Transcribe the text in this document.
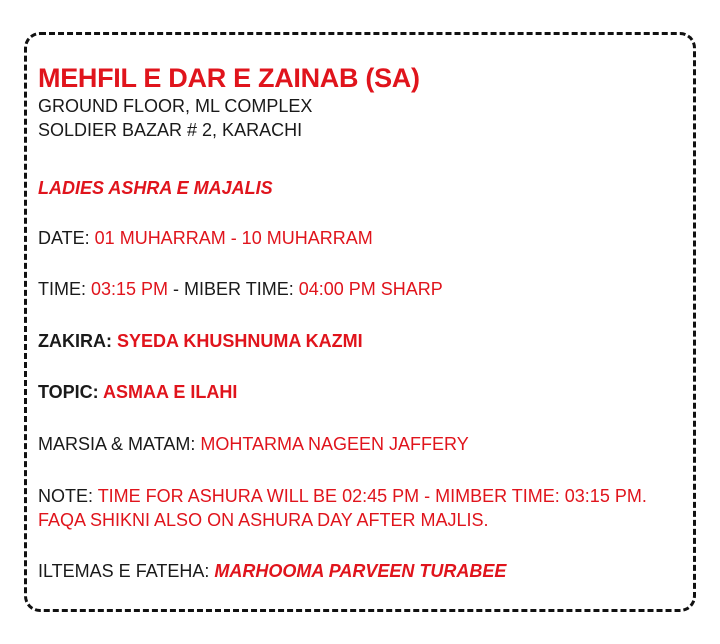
MEHFIL E DAR E ZAINAB (SA)

GROUND FLOOR, ML COMPLEX

SOLDIER BAZAR # 2, KARACHI

LADIES ASHRA E MAJALIS

DATE: 01 MUHARRAM - 10 MUHARRAM

TIME: 03:15 PM - MIBER TIME: 04:00 PM SHARP

ZAKIRA: SYEDA KHUSHNUMA KAZMI

TOPIC: ASMAA E ILAHI

MARSIA & MATAM: MOHTARMA NAGEEN JAFFERY

NOTE: TIME FOR ASHURA WILL BE 02:45 PM - MIMBER TIME: 03:15 PM.

FAQA SHIKNI ALSO ON ASHURA DAY AFTER MAJLIS.

ILTEMAS E FATEHA: MARHOOMA PARVEEN TURABEE
